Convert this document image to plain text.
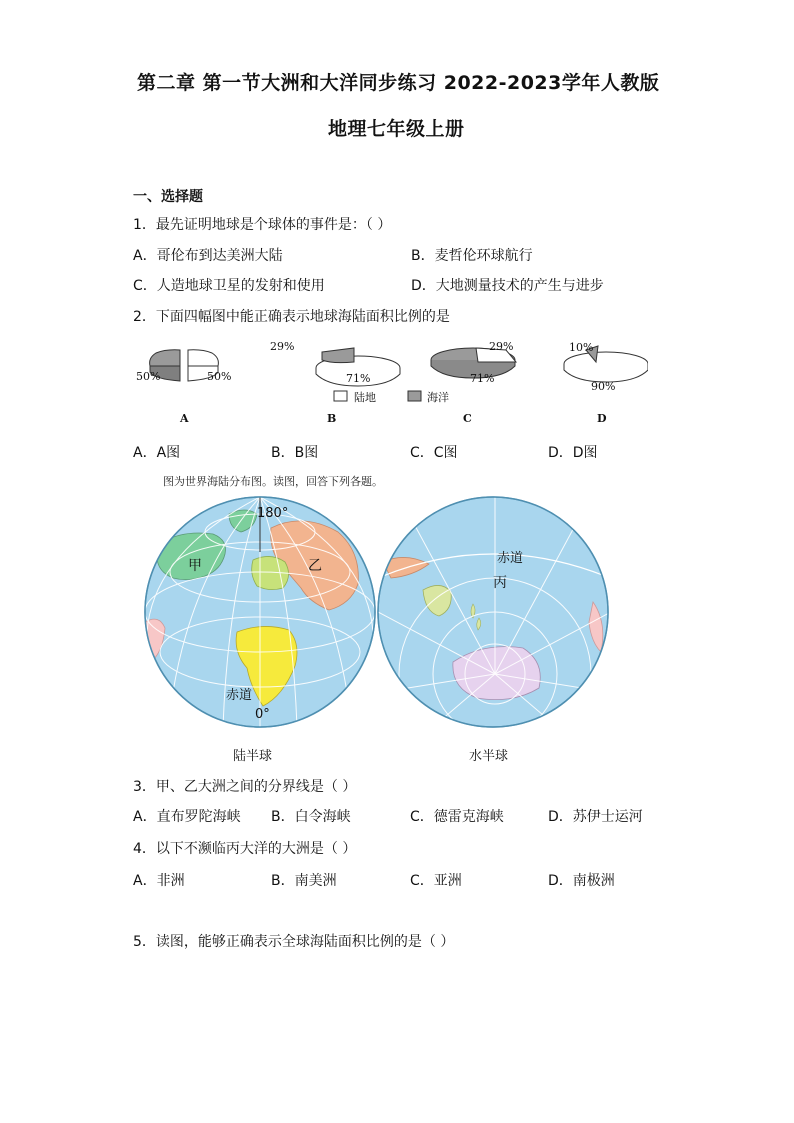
第二章 第一节大洲和大洋同步练习 2022-2023学年人教版
地理七年级上册
一、选择题
1．最先证明地球是个球体的事件是：（ ）
A．哥伦布到达美洲大陆	B．麦哲伦环球航行
C．人造地球卫星的发射和使用	D．大地测量技术的产生与进步
2．下面四幅图中能正确表示地球海陆面积比例的是
50%	50%
29%
71%
29%
71%
10%
90%
陆地	海洋
A	B	C	D
A．A图	B．B图	C．C图	D．D图
图为世界海陆分布图。读图，回答下列各题。
180°
甲	乙
赤道
0°
赤道
丙
陆半球	水半球
3．甲、乙大洲之间的分界线是（ ）
A．直布罗陀海峡 B．白令海峡	C．德雷克海峡	D．苏伊士运河
4．以下不濒临丙大洋的大洲是（ ）
A．非洲	B．南美洲	C．亚洲	D．南极洲
5．读图，能够正确表示全球海陆面积比例的是（ ）
